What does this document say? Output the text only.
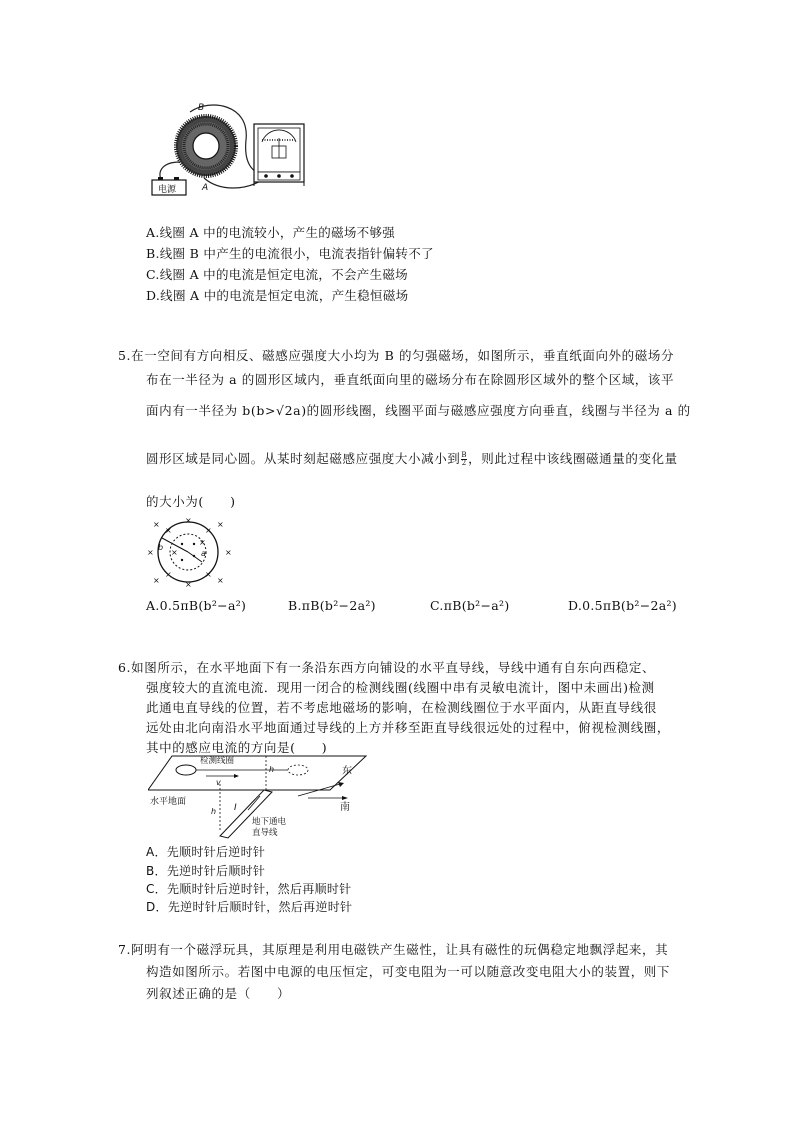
电源
B
A
A.线圈 A 中的电流较小，产生的磁场不够强
B.线圈 B 中产生的电流很小，电流表指针偏转不了
C.线圈 A 中的电流是恒定电流，不会产生磁场
D.线圈 A 中的电流是恒定电流，产生稳恒磁场
5.在一空间有方向相反、磁感应强度大小均为 B 的匀强磁场，如图所示，垂直纸面向外的磁场分
布在一半径为 a 的圆形区域内，垂直纸面向里的磁场分布在除圆形区域外的整个区域，该平
面内有一半径为 b(b>√2a)的圆形线圈，线圈平面与磁感应强度方向垂直，线圈与半径为 a 的
圆形区域是同心圆。从某时刻起磁感应强度大小减小到 $\frac{B}{2}$ ，则此过程中该线圈磁通量的变化量
的大小为(　　)
b
a
×	×	×
×	×
×	×	×
×	×
×	×
×
×
A.0.5πB(b²−a²)	B.πB(b²−2a²)	C.πB(b²−a²)	D.0.5πB(b²−2a²)
6.如图所示，在水平地面下有一条沿东西方向铺设的水平直导线，导线中通有自东向西稳定、
强度较大的直流电流．现用一闭合的检测线圈(线圈中串有灵敏电流计，图中未画出)检测
此通电直导线的位置，若不考虑地磁场的影响，在检测线圈位于水平面内，从距直导线很
远处由北向南沿水平地面通过导线的上方并移至距直导线很远处的过程中，俯视检测线圈，
其中的感应电流的方向是(　　)
v
检测线圈
h
h I
东
南
水平地面
地下通电
直导线
A．先顺时针后逆时针
B．先逆时针后顺时针
C．先顺时针后逆时针，然后再顺时针
D．先逆时针后顺时针，然后再逆时针
7.阿明有一个磁浮玩具，其原理是利用电磁铁产生磁性，让具有磁性的玩偶稳定地飘浮起来，其
构造如图所示。若图中电源的电压恒定，可变电阻为一可以随意改变电阻大小的装置，则下
列叙述正确的是（　　）
